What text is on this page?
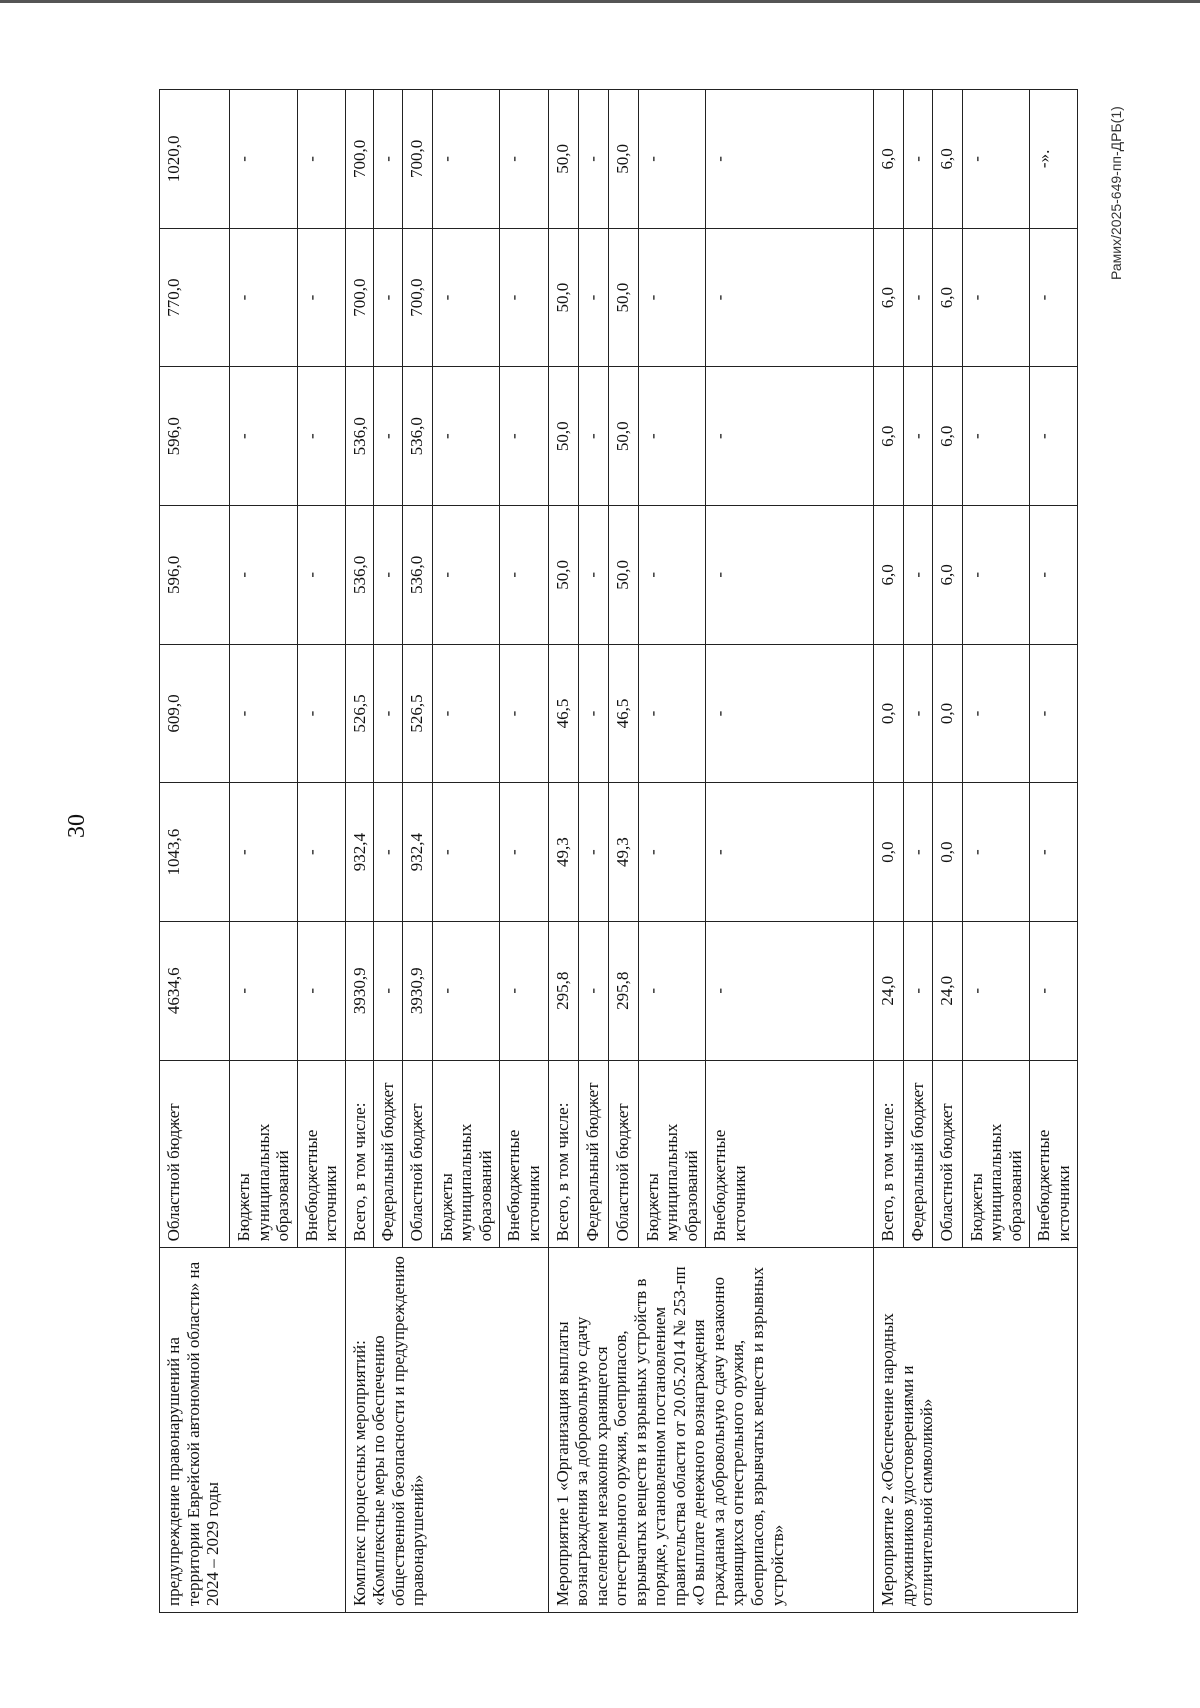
30
Рамих/2025-649-пп-ДРБ(1)
предупреждение правонарушений на территории Еврейской автономной области» на 2024 – 2029 годы	Областной бюджет	4634,6	1043,6	609,0	596,0	596,0	770,0	1020,0
	Бюджеты муниципальных образований	-	-	-	-	-	-	-
	Внебюджетные источники	-	-	-	-	-	-	-
Комплекс процессных мероприятий: «Комплексные меры по обеспечению общественной безопасности и предупреждению правонарушений»	Всего, в том числе:	3930,9	932,4	526,5	536,0	536,0	700,0	700,0
	Федеральный бюджет	-	-	-	-	-	-	-
	Областной бюджет	3930,9	932,4	526,5	536,0	536,0	700,0	700,0
	Бюджеты муниципальных образований	-	-	-	-	-	-	-
	Внебюджетные источники	-	-	-	-	-	-	-
Мероприятие 1 «Организация выплаты вознаграждения за добровольную сдачу населением незаконно хранящегося огнестрельного оружия, боеприпасов, взрывчатых веществ и взрывных устройств в порядке, установленном постановлением правительства области от 20.05.2014 № 253-пп «О выплате денежного вознаграждения гражданам за добровольную сдачу незаконно хранящихся огнестрельного оружия, боеприпасов, взрывчатых веществ и взрывных устройств»	Всего, в том числе:	295,8	49,3	46,5	50,0	50,0	50,0	50,0
	Федеральный бюджет	-	-	-	-	-	-	-
	Областной бюджет	295,8	49,3	46,5	50,0	50,0	50,0	50,0
	Бюджеты муниципальных образований	-	-	-	-	-	-	-
	Внебюджетные источники	-	-	-	-	-	-	-
Мероприятие 2 «Обеспечение народных дружинников удостоверениями и отличительной символикой»	Всего, в том числе:	24,0	0,0	0,0	6,0	6,0	6,0	6,0
	Федеральный бюджет	-	-	-	-	-	-	-
	Областной бюджет	24,0	0,0	0,0	6,0	6,0	6,0	6,0
	Бюджеты муниципальных образований	-	-	-	-	-	-	-
	Внебюджетные источники	-	-	-	-	-	-	-».
